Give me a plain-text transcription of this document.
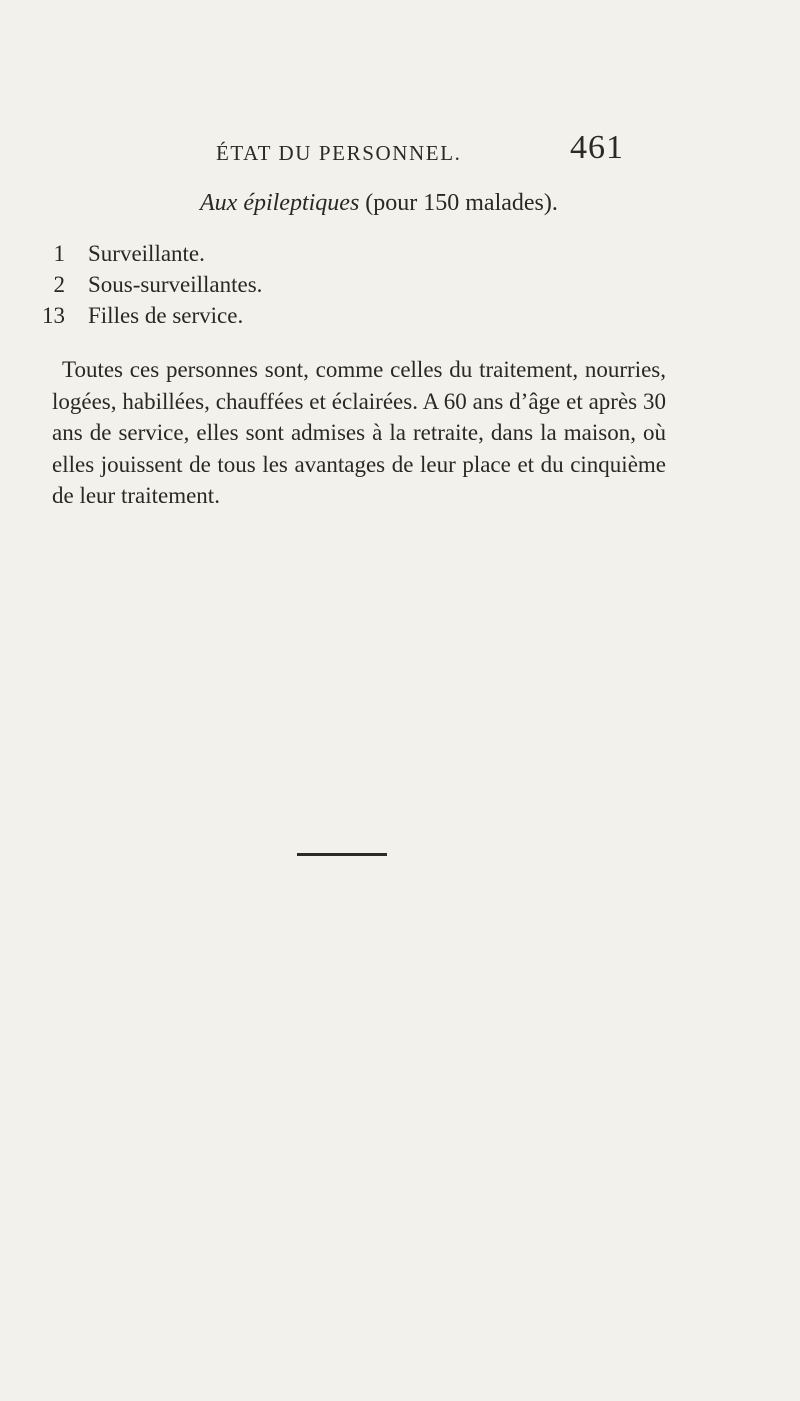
ÉTAT DU PERSONNEL.	461
Aux épileptiques (pour 150 malades).
1 Surveillante.
2 Sous-surveillantes.
13 Filles de service.

Toutes ces personnes sont, comme celles du traitement, nourries, logées, habillées, chauffées et éclairées. A 60 ans d’âge et après 30 ans de service, elles sont admises à la retraite, dans la maison, où elles jouissent de tous les avantages de leur place et du cinquième de leur traitement.
